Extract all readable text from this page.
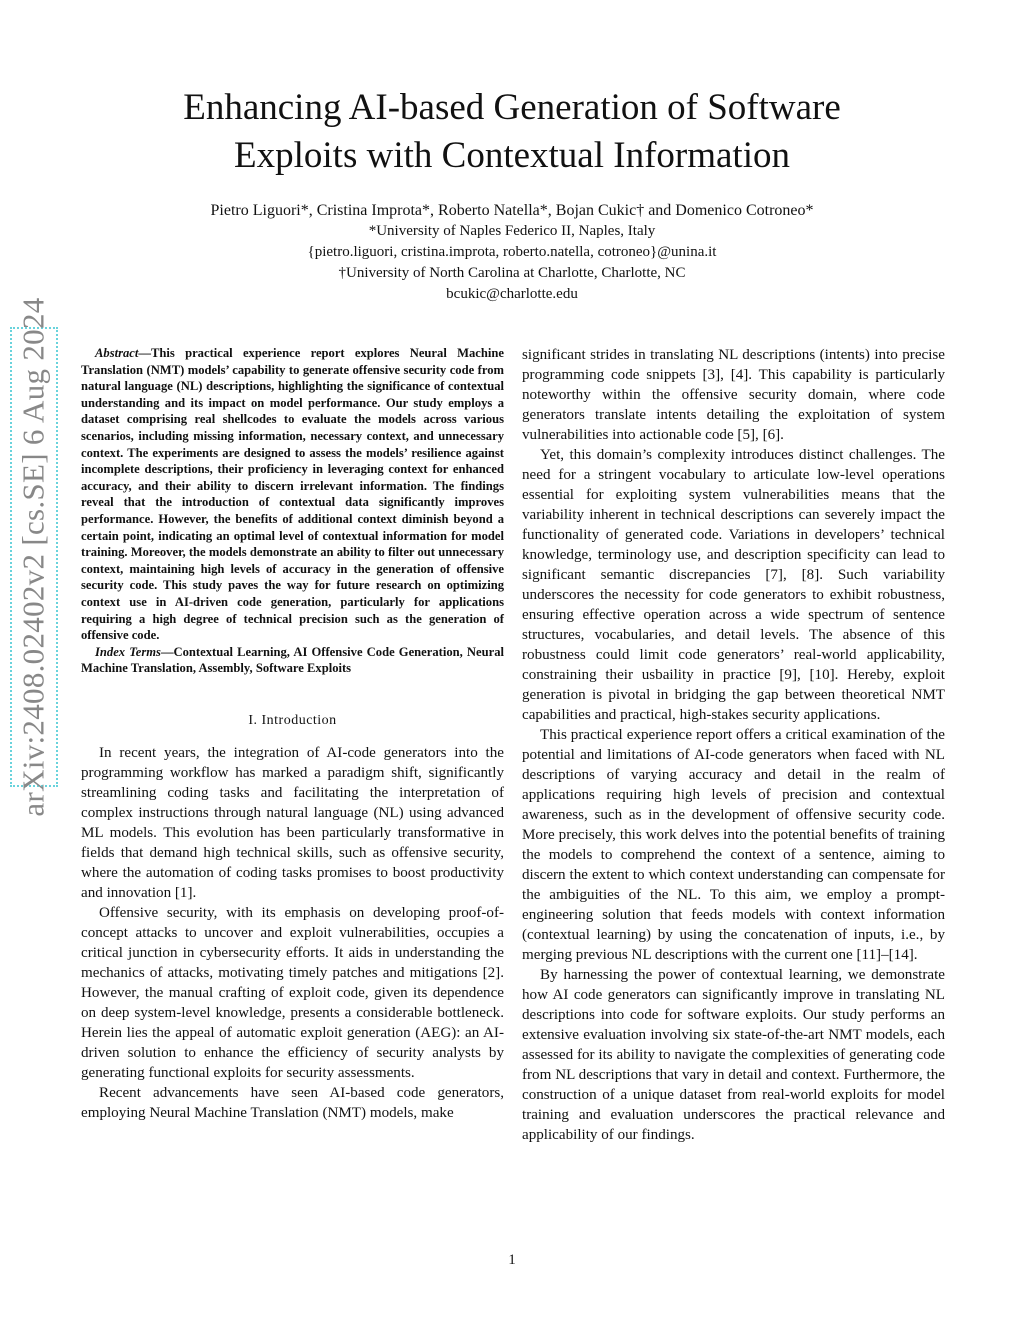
arXiv:2408.02402v2 [cs.SE] 6 Aug 2024
Enhancing AI-based Generation of Software
Exploits with Contextual Information
Pietro Liguori*, Cristina Improta*, Roberto Natella*, Bojan Cukic† and Domenico Cotroneo*
*University of Naples Federico II, Naples, Italy
{pietro.liguori, cristina.improta, roberto.natella, cotroneo}@unina.it
†University of North Carolina at Charlotte, Charlotte, NC
bcukic@charlotte.edu

Abstract—This practical experience report explores Neural Machine Translation (NMT) models’ capability to generate offensive security code from natural language (NL) descriptions, highlighting the significance of contextual understanding and its impact on model performance. Our study employs a dataset comprising real shellcodes to evaluate the models across various scenarios, including missing information, necessary context, and unnecessary context. The experiments are designed to assess the models’ resilience against incomplete descriptions, their proficiency in leveraging context for enhanced accuracy, and their ability to discern irrelevant information. The findings reveal that the introduction of contextual data significantly improves performance. However, the benefits of additional context diminish beyond a certain point, indicating an optimal level of contextual information for model training. Moreover, the models demonstrate an ability to filter out unnecessary context, maintaining high levels of accuracy in the generation of offensive security code. This study paves the way for future research on optimizing context use in AI-driven code generation, particularly for applications requiring a high degree of technical precision such as the generation of offensive code.

Index Terms—Contextual Learning, AI Offensive Code Generation, Neural Machine Translation, Assembly, Software Exploits

I. Introduction

In recent years, the integration of AI-code generators into the programming workflow has marked a paradigm shift, significantly streamlining coding tasks and facilitating the interpretation of complex instructions through natural language (NL) using advanced ML models. This evolution has been particularly transformative in fields that demand high technical skills, such as offensive security, where the automation of coding tasks promises to boost productivity and innovation [1].

Offensive security, with its emphasis on developing proof-of-concept attacks to uncover and exploit vulnerabilities, occupies a critical junction in cybersecurity efforts. It aids in understanding the mechanics of attacks, motivating timely patches and mitigations [2]. However, the manual crafting of exploit code, given its dependence on deep system-level knowledge, presents a considerable bottleneck. Herein lies the appeal of automatic exploit generation (AEG): an AI-driven solution to enhance the efficiency of security analysts by generating functional exploits for security assessments.

Recent advancements have seen AI-based code generators, employing Neural Machine Translation (NMT) models, make

significant strides in translating NL descriptions (intents) into precise programming code snippets [3], [4]. This capability is particularly noteworthy within the offensive security domain, where code generators translate intents detailing the exploitation of system vulnerabilities into actionable code [5], [6].

Yet, this domain’s complexity introduces distinct challenges. The need for a stringent vocabulary to articulate low-level operations essential for exploiting system vulnerabilities means that the variability inherent in technical descriptions can severely impact the functionality of generated code. Variations in developers’ technical knowledge, terminology use, and description specificity can lead to significant semantic discrepancies [7], [8]. Such variability underscores the necessity for code generators to exhibit robustness, ensuring effective operation across a wide spectrum of sentence structures, vocabularies, and detail levels. The absence of this robustness could limit code generators’ real-world applicability, constraining their usbaility in practice [9], [10]. Hereby, exploit generation is pivotal in bridging the gap between theoretical NMT capabilities and practical, high-stakes security applications.

This practical experience report offers a critical examination of the potential and limitations of AI-code generators when faced with NL descriptions of varying accuracy and detail in the realm of applications requiring high levels of precision and contextual awareness, such as in the development of offensive security code. More precisely, this work delves into the potential benefits of training the models to comprehend the context of a sentence, aiming to discern the extent to which context understanding can compensate for the ambiguities of the NL. To this aim, we employ a prompt-engineering solution that feeds models with context information (contextual learning) by using the concatenation of inputs, i.e., by merging previous NL descriptions with the current one [11]–[14].

By harnessing the power of contextual learning, we demonstrate how AI code generators can significantly improve in translating NL descriptions into code for software exploits. Our study performs an extensive evaluation involving six state-of-the-art NMT models, each assessed for its ability to navigate the complexities of generating code from NL descriptions that vary in detail and context. Furthermore, the construction of a unique dataset from real-world exploits for model training and evaluation underscores the practical relevance and applicability of our findings.

1
